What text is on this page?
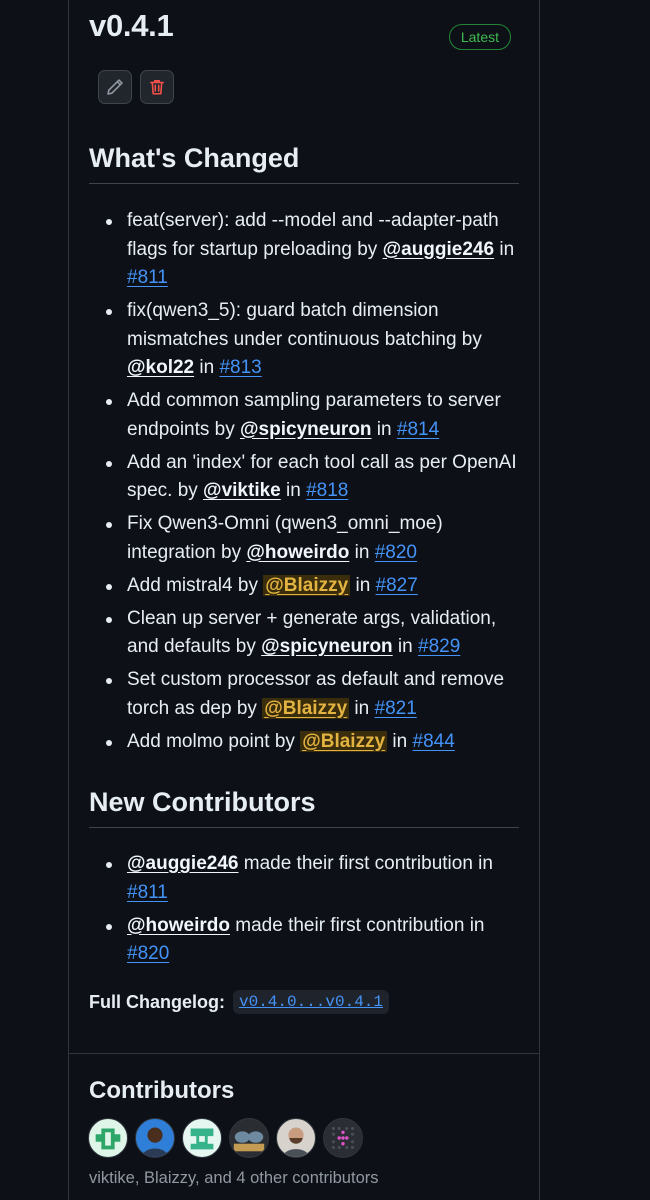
v0.4.1	Latest
What's Changed
feat(server): add --model and --adapter-path flags for startup preloading by @auggie246 in #811
fix(qwen3_5): guard batch dimension mismatches under continuous batching by @kol22 in #813
Add common sampling parameters to server endpoints by @spicyneuron in #814
Add an 'index' for each tool call as per OpenAI spec. by @viktike in #818
Fix Qwen3-Omni (qwen3_omni_moe) integration by @howeirdo in #820
Add mistral4 by @Blaizzy in #827
Clean up server + generate args, validation, and defaults by @spicyneuron in #829
Set custom processor as default and remove torch as dep by @Blaizzy in #821
Add molmo point by @Blaizzy in #844
New Contributors
@auggie246 made their first contribution in #811
@howeirdo made their first contribution in #820
Full Changelog: v0.4.0...v0.4.1
Contributors
viktike, Blaizzy, and 4 other contributors
